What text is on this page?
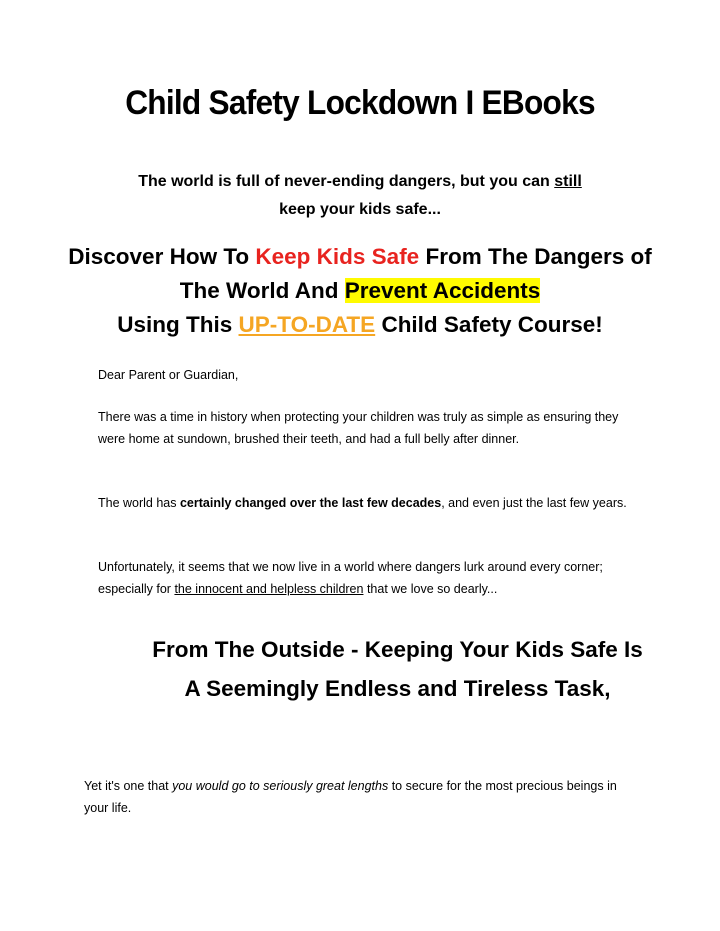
Child Safety Lockdown I EBooks
The world is full of never-ending dangers, but you can still
keep your kids safe...
Discover How To Keep Kids Safe From The Dangers of The World And Prevent Accidents
Using This UP-TO-DATE Child Safety Course!
Dear Parent or Guardian,
There was a time in history when protecting your children was truly as simple as ensuring they were home at sundown, brushed their teeth, and had a full belly after dinner.
The world has certainly changed over the last few decades, and even just the last few years.
Unfortunately, it seems that we now live in a world where dangers lurk around every corner; especially for the innocent and helpless children that we love so dearly...
From The Outside - Keeping Your Kids Safe Is A Seemingly Endless and Tireless Task,
Yet it's one that you would go to seriously great lengths to secure for the most precious beings in your life.
